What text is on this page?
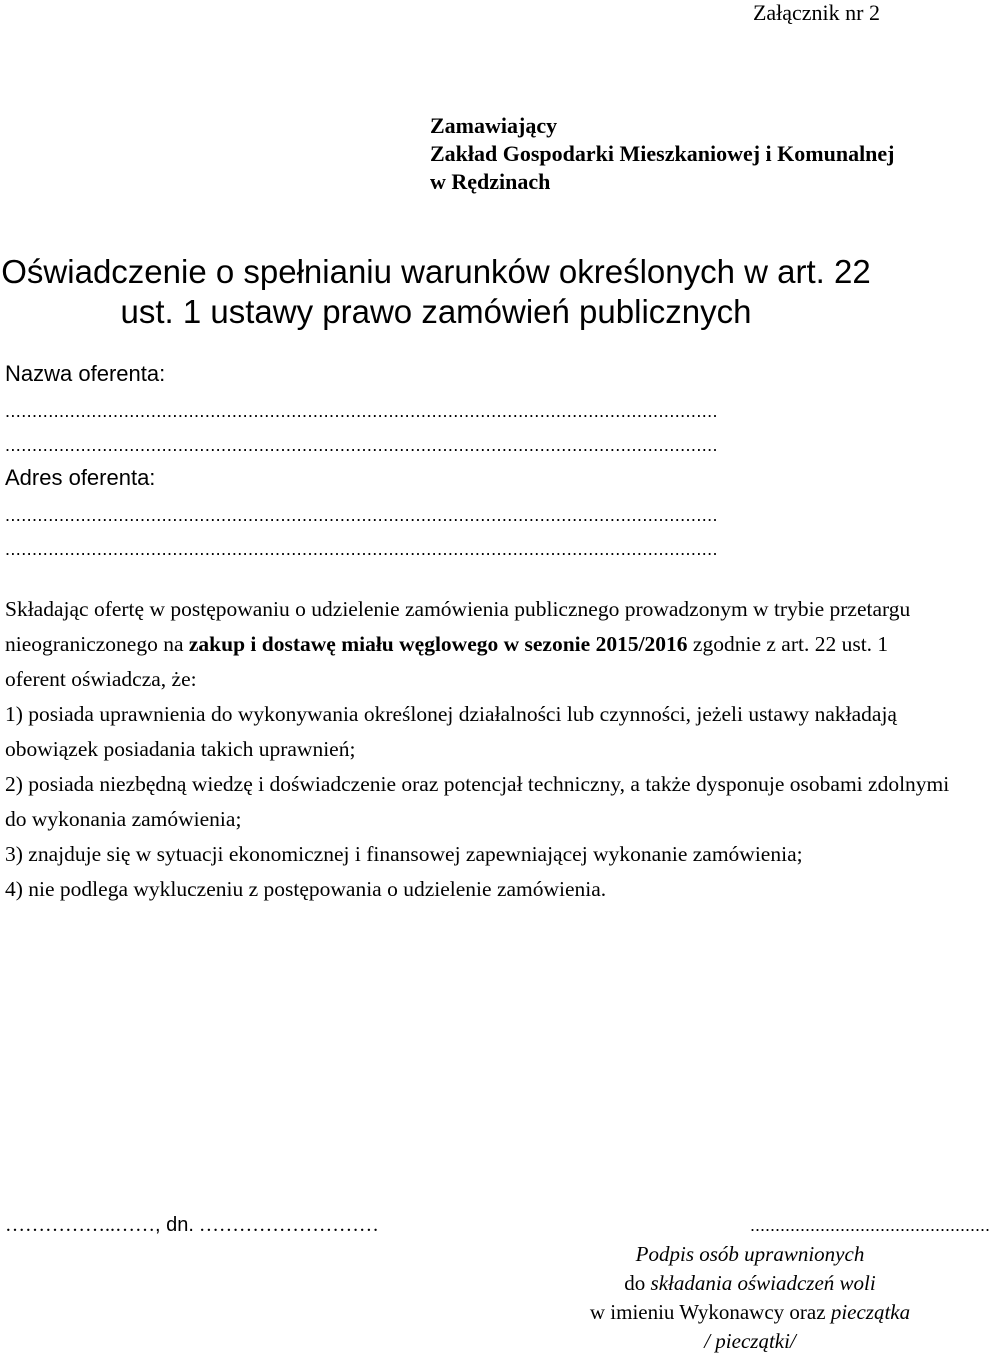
Załącznik nr 2
Zamawiający
Zakład Gospodarki Mieszkaniowej i Komunalnej
w Rędzinach
Oświadczenie o spełnianiu warunków określonych w art. 22
ust. 1 ustawy prawo zamówień publicznych
Nazwa oferenta:
....................................................................................................................................
....................................................................................................................................
Adres oferenta:
....................................................................................................................................
....................................................................................................................................

Składając ofertę w postępowaniu o udzielenie zamówienia publicznego prowadzonym w trybie przetargu nieograniczonego na zakup i dostawę miału węglowego w sezonie 2015/2016 zgodnie z art. 22 ust. 1 oferent oświadcza, że:

1) posiada uprawnienia do wykonywania określonej działalności lub czynności, jeżeli ustawy nakładają obowiązek posiadania takich uprawnień;

2) posiada niezbędną wiedzę i doświadczenie oraz potencjał techniczny, a także dysponuje osobami zdolnymi do wykonania zamówienia;

3) znajduje się w sytuacji ekonomicznej i finansowej zapewniającej wykonanie zamówienia;

4) nie podlega wykluczeniu z postępowania o udzielenie zamówienia.

……………..……, dn. ………………………	................................................
Podpis osób uprawnionych
do składania oświadczeń woli
w imieniu Wykonawcy oraz pieczątka
/ pieczątki/
